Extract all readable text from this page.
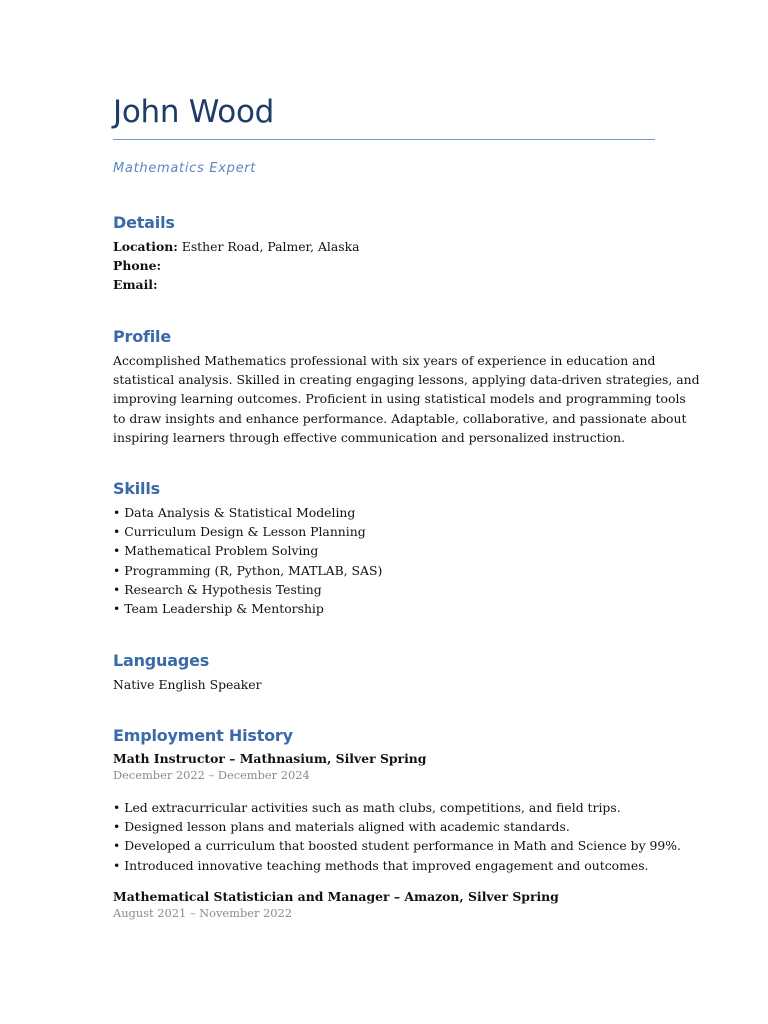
John Wood
Mathematics Expert
Details
Location: Esther Road, Palmer, Alaska
Phone:
Email:
Profile
Accomplished Mathematics professional with six years of experience in education and
statistical analysis. Skilled in creating engaging lessons, applying data-driven strategies, and
improving learning outcomes. Proficient in using statistical models and programming tools
to draw insights and enhance performance. Adaptable, collaborative, and passionate about
inspiring learners through effective communication and personalized instruction.
Skills
• Data Analysis & Statistical Modeling
• Curriculum Design & Lesson Planning
• Mathematical Problem Solving
• Programming (R, Python, MATLAB, SAS)
• Research & Hypothesis Testing
• Team Leadership & Mentorship
Languages
Native English Speaker
Employment History
Math Instructor – Mathnasium, Silver Spring
December 2022 – December 2024
• Led extracurricular activities such as math clubs, competitions, and field trips.
• Designed lesson plans and materials aligned with academic standards.
• Developed a curriculum that boosted student performance in Math and Science by 99%.
• Introduced innovative teaching methods that improved engagement and outcomes.
Mathematical Statistician and Manager – Amazon, Silver Spring
August 2021 – November 2022
